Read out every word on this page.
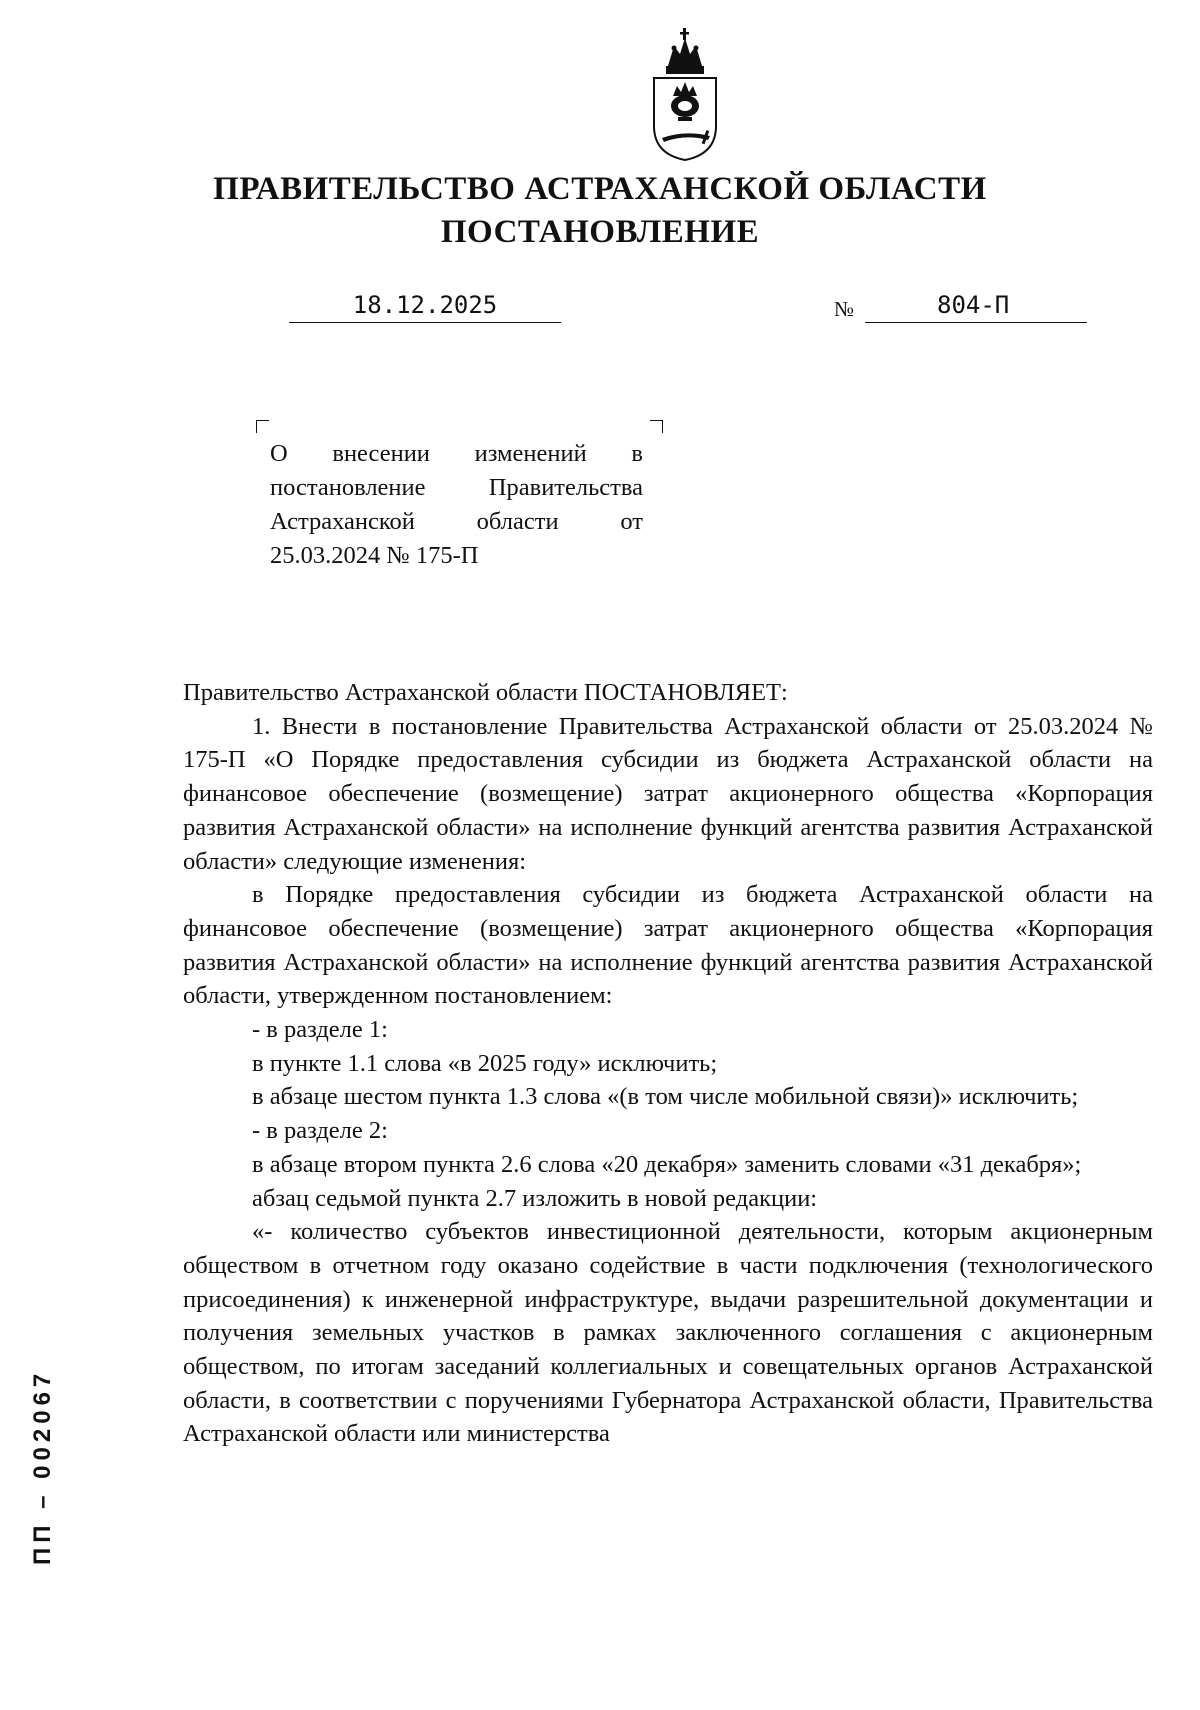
ПРАВИТЕЛЬСТВО АСТРАХАНСКОЙ ОБЛАСТИ
ПОСТАНОВЛЕНИЕ
18.12.2025	№	804-П

О внесении изменений в

постановление Правительства

Астраханской области от

25.03.2024 № 175-П

Правительство Астраханской области ПОСТАНОВЛЯЕТ:

1. Внести в постановление Правительства Астраханской области от 25.03.2024 № 175-П «О Порядке предоставления субсидии из бюджета Астраханской области на финансовое обеспечение (возмещение) затрат акционерного общества «Корпорация развития Астраханской области» на исполнение функций агентства развития Астраханской области» следующие изменения:

в Порядке предоставления субсидии из бюджета Астраханской области на финансовое обеспечение (возмещение) затрат акционерного общества «Корпорация развития Астраханской области» на исполнение функций агентства развития Астраханской области, утвержденном постановлением:

- в разделе 1:

в пункте 1.1 слова «в 2025 году» исключить;

в абзаце шестом пункта 1.3 слова «(в том числе мобильной связи)» исключить;

- в разделе 2:

в абзаце втором пункта 2.6 слова «20 декабря» заменить словами «31 декабря»;

абзац седьмой пункта 2.7 изложить в новой редакции:

«- количество субъектов инвестиционной деятельности, которым акционерным обществом в отчетном году оказано содействие в части подключения (технологического присоединения) к инженерной инфраструктуре, выдачи разрешительной документации и получения земельных участков в рамках заключенного соглашения с акционерным обществом, по итогам заседаний коллегиальных и совещательных органов Астраханской области, в соответствии с поручениями Губернатора Астраханской области, Правительства Астраханской области или министерства

ПП – 002067
